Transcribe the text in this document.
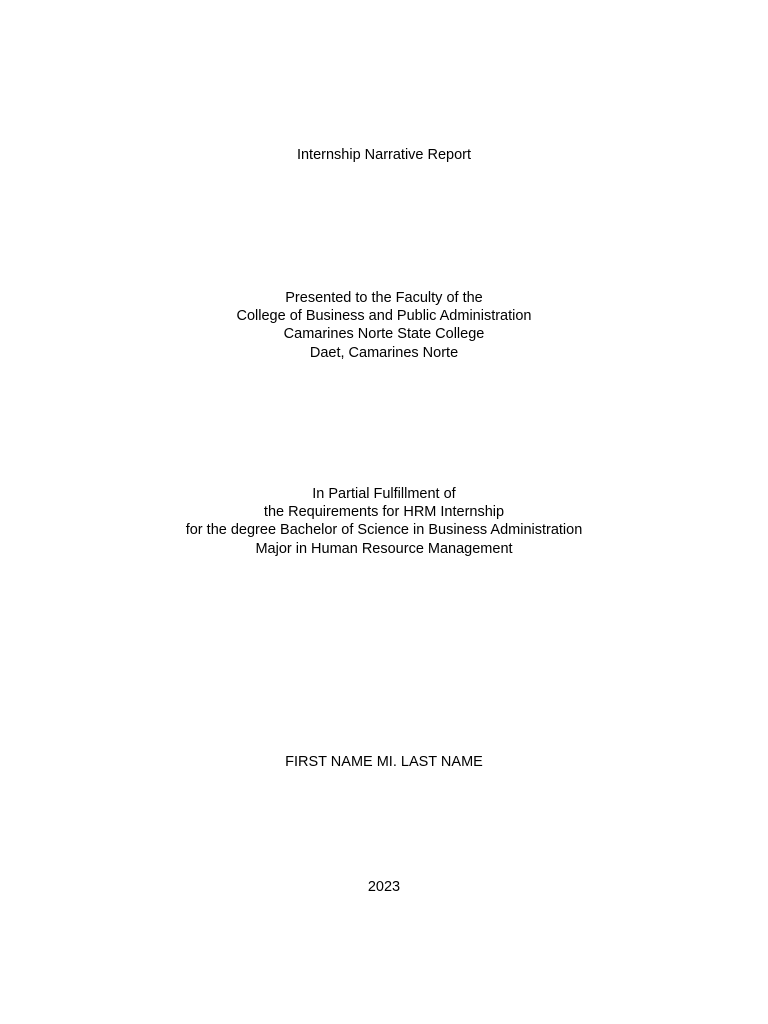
Internship Narrative Report
Presented to the Faculty of the
College of Business and Public Administration
Camarines Norte State College
Daet, Camarines Norte
In Partial Fulfillment of
the Requirements for HRM Internship
for the degree Bachelor of Science in Business Administration
Major in Human Resource Management
FIRST NAME MI. LAST NAME
2023
